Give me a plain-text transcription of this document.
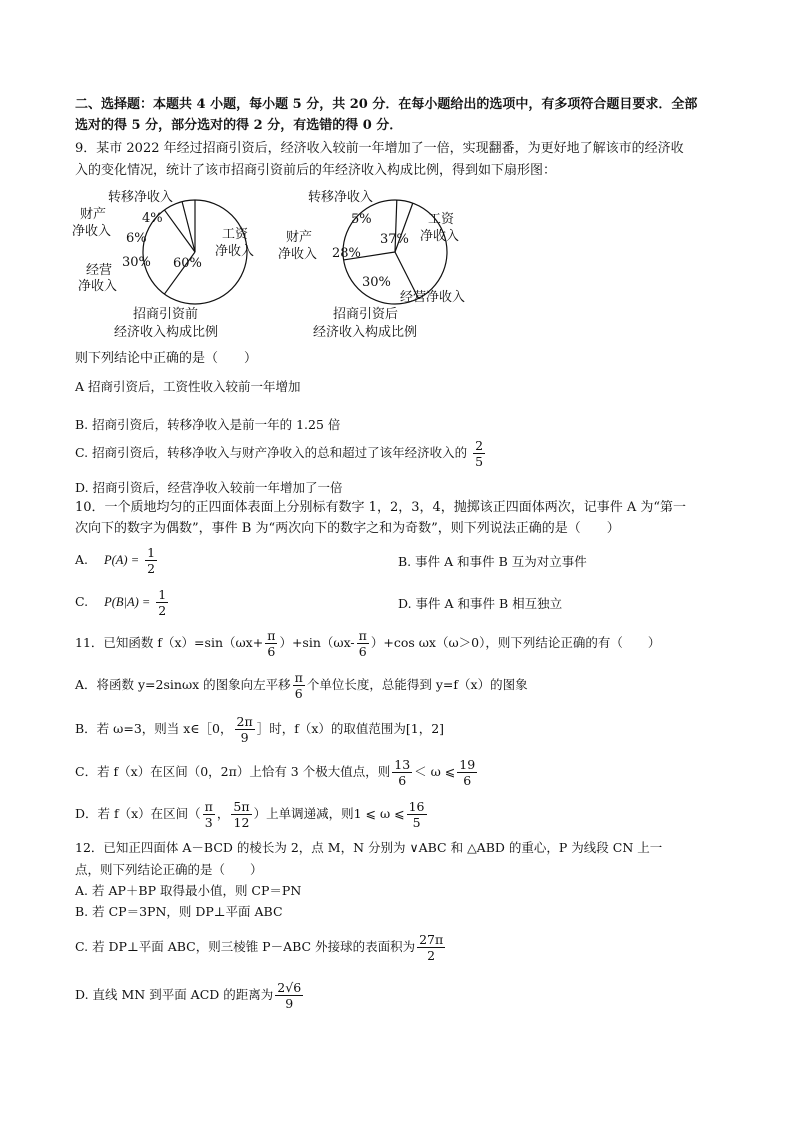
二、选择题：本题共 4 小题，每小题 5 分，共 20 分．在每小题给出的选项中，有多项符合题目要求．全部
选对的得 5 分，部分选对的得 2 分，有选错的得 0 分．
9．某市 2022 年经过招商引资后，经济收入较前一年增加了一倍，实现翻番，为更好地了解该市的经济收
入的变化情况，统计了该市招商引资前后的年经济收入构成比例，得到如下扇形图：
转移净收入
财产
净收入	工资
净收入
经营
净收入
4%
6%
30% 60%
招商引资前
经济收入构成比例
转移净收入
财产
净收入
工资
净收入
经营净收入
5%
28%
37%
30%
招商引资后
经济收入构成比例
则下列结论中正确的是（　　）
A 招商引资后，工资性收入较前一年增加
B. 招商引资后，转移净收入是前一年的 1.25 倍
C. 招商引资后，转移净收入与财产净收入的总和超过了该年经济收入的 $\frac{2}{5}$
D. 招商引资后，经营净收入较前一年增加了一倍
10．一个质地均匀的正四面体表面上分别标有数字 1，2，3，4，抛掷该正四面体两次，记事件 A 为“第一
次向下的数字为偶数”，事件 B 为“两次向下的数字之和为奇数”，则下列说法正确的是（　　）
A. $P(A) = \frac{1}{2}$	B. 事件 A 和事件 B 互为对立事件
C. $P(B|A) = \frac{1}{2}$	D. 事件 A 和事件 B 相互独立
11．已知函数 $f(x)=\sin(\omega x+ \frac{\pi}{6} )+\sin(\omega x- \frac{\pi}{6} )+\cos$ ωx（ω＞0），则下列结论正确的有（　　）
A．将函数 y=2sinωx 的图象向左平移 $\frac{\pi}{6}$ 个单位长度，总能得到 y=f（x）的图象
B．若 ω=3，则当 x∈［0， $\frac{2\pi}{9}$ ］时，f（x）的取值范围为[1，2]
C．若 f（x）在区间（0，2π）上恰有 3 个极大值点，则 $\frac{13}{6} < \omega$ ⩽ $\frac{19}{6}$
D．若 f（x）在区间（ $\frac{\pi}{3}$ ， $\frac{5\pi}{12}$ ）上单调递减，则1 ⩽ ω ⩽ $\frac{16}{5}$
12．已知正四面体 A－BCD 的棱长为 2，点 M，N 分别为 ∨ABC 和 △ABD 的重心，P 为线段 CN 上一
点，则下列结论正确的是（　　）
A. 若 AP＋BP 取得最小值，则 CP＝PN
B. 若 CP＝3PN，则 DP⊥平面 ABC
C. 若 DP⊥平面 ABC，则三棱锥 P－ABC 外接球的表面积为 $\frac{27\pi}{2}$
D. 直线 MN 到平面 ACD 的距离为 $\frac{2√6}{9}$
